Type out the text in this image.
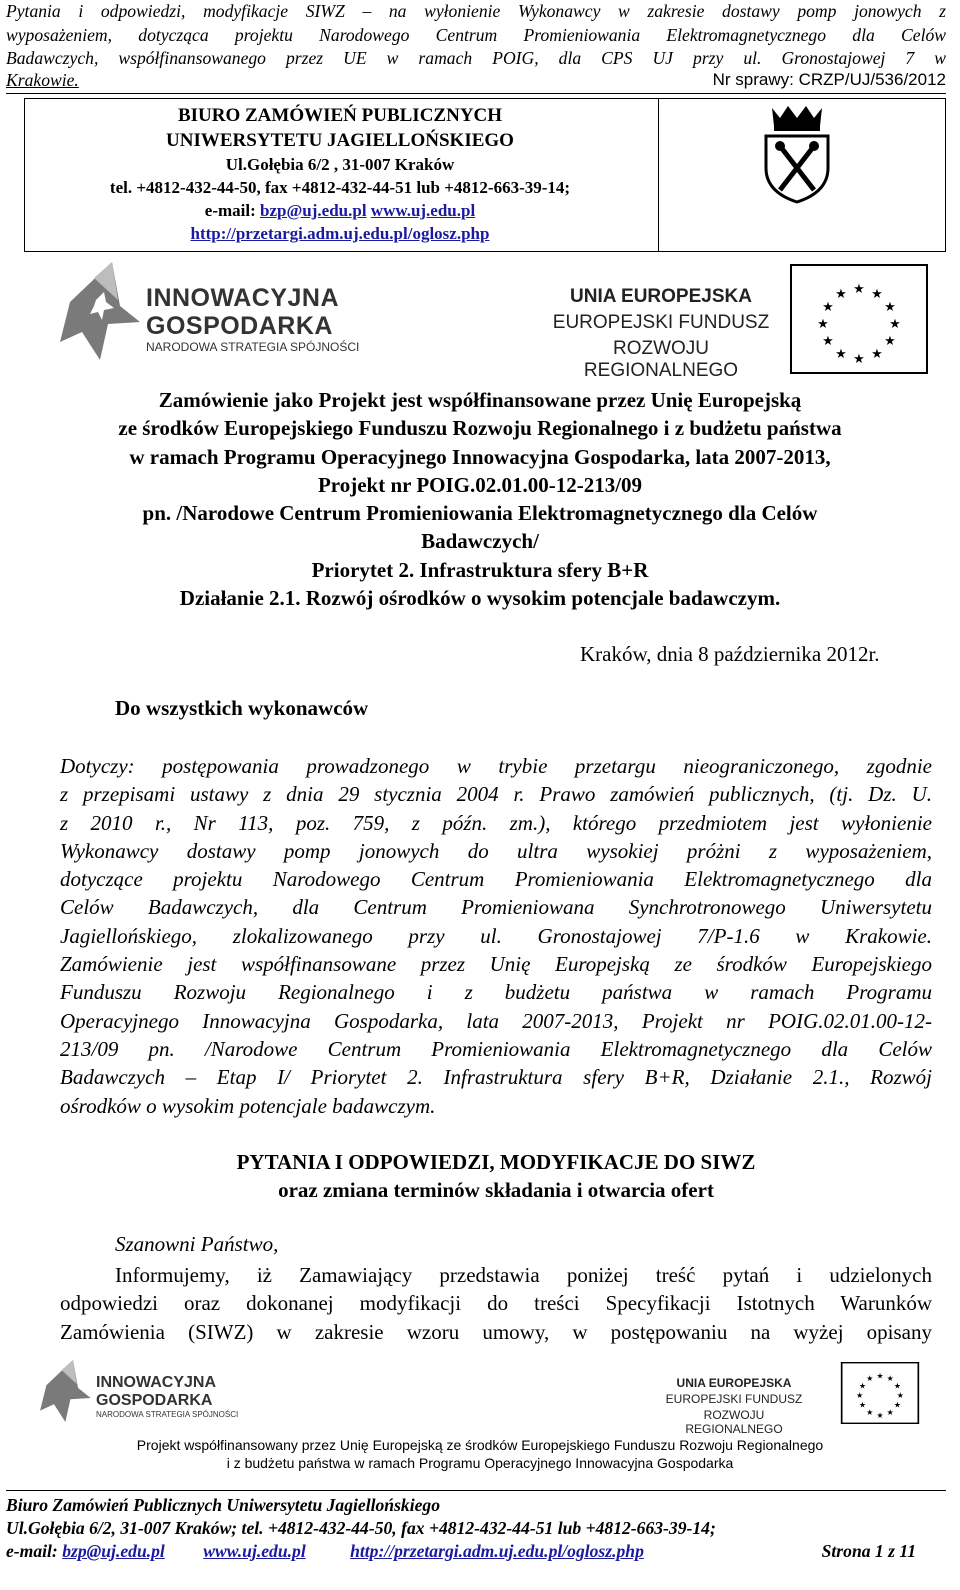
Pytania i odpowiedzi, modyfikacje SIWZ – na wyłonienie Wykonawcy w zakresie dostawy pomp jonowych z
wyposażeniem, dotycząca projektu Narodowego Centrum Promieniowania Elektromagnetycznego dla Celów
Badawczych, współfinansowanego przez UE w ramach POIG, dla CPS UJ przy ul. Gronostajowej 7 w
Krakowie.	Nr sprawy: CRZP/UJ/536/2012
BIURO ZAMÓWIEŃ PUBLICZNYCH
UNIWERSYTETU JAGIELLOŃSKIEGO
Ul.Gołębia 6/2 , 31-007 Kraków
tel. +4812-432-44-50, fax +4812-432-44-51 lub +4812-663-39-14;
e-mail: bzp@uj.edu.pl www.uj.edu.pl
http://przetargi.adm.uj.edu.pl/oglosz.php
INNOWACYJNA
GOSPODARKA
NARODOWA STRATEGIA SPÓJNOŚCI
UNIA EUROPEJSKA
EUROPEJSKI FUNDUSZ
ROZWOJU REGIONALNEGO
★ ★
★
★
★
★
★
★
★
★
★
★
Zamówienie jako Projekt jest współfinansowane przez Unię Europejską
ze środków Europejskiego Funduszu Rozwoju Regionalnego i z budżetu państwa
w ramach Programu Operacyjnego Innowacyjna Gospodarka, lata 2007-2013,
Projekt nr POIG.02.01.00-12-213/09
pn. /Narodowe Centrum Promieniowania Elektromagnetycznego dla Celów
Badawczych/
Priorytet 2. Infrastruktura sfery B+R
Działanie 2.1. Rozwój ośrodków o wysokim potencjale badawczym.
Kraków, dnia 8 października 2012r.
Do wszystkich wykonawców
Dotyczy: postępowania prowadzonego w trybie przetargu nieograniczonego, zgodnie
z przepisami ustawy z dnia 29 stycznia 2004 r. Prawo zamówień publicznych, (tj. Dz. U.
z 2010 r., Nr 113, poz. 759, z późn. zm.), którego przedmiotem jest wyłonienie
Wykonawcy dostawy pomp jonowych do ultra wysokiej próżni z wyposażeniem,
dotyczące projektu Narodowego Centrum Promieniowania Elektromagnetycznego dla
Celów Badawczych, dla Centrum Promieniowana Synchrotronowego Uniwersytetu
Jagiellońskiego, zlokalizowanego przy ul. Gronostajowej 7/P-1.6 w Krakowie.
Zamówienie jest współfinansowane przez Unię Europejską ze środków Europejskiego
Funduszu Rozwoju Regionalnego i z budżetu państwa w ramach Programu
Operacyjnego Innowacyjna Gospodarka, lata 2007-2013, Projekt nr POIG.02.01.00-12-
213/09 pn. /Narodowe Centrum Promieniowania Elektromagnetycznego dla Celów
Badawczych – Etap I/ Priorytet 2. Infrastruktura sfery B+R, Działanie 2.1., Rozwój
ośrodków o wysokim potencjale badawczym.
PYTANIA I ODPOWIEDZI, MODYFIKACJE DO SIWZ
oraz zmiana terminów składania i otwarcia ofert
Szanowni Państwo,
Informujemy, iż Zamawiający przedstawia poniżej treść pytań i udzielonych
odpowiedzi oraz dokonanej modyfikacji do treści Specyfikacji Istotnych Warunków
Zamówienia (SIWZ) w zakresie wzoru umowy, w postępowaniu na wyżej opisany
INNOWACYJNA
GOSPODARKA
NARODOWA STRATEGIA SPÓJNOŚCI
UNIA EUROPEJSKA
EUROPEJSKI FUNDUSZ
ROZWOJU REGIONALNEGO
★ ★
★
★
★
★
★
★
★
★
★
★
Projekt współfinansowany przez Unię Europejską ze środków Europejskiego Funduszu Rozwoju Regionalnego
i z budżetu państwa w ramach Programu Operacyjnego Innowacyjna Gospodarka
Biuro Zamówień Publicznych Uniwersytetu Jagiellońskiego
Ul.Gołębia 6/2, 31-007 Kraków; tel. +4812-432-44-50, fax +4812-432-44-51 lub +4812-663-39-14;
e-mail: bzp@uj.edu.pl www.uj.edu.pl	http://przetargi.adm.uj.edu.pl/oglosz.php	Strona 1 z 11
